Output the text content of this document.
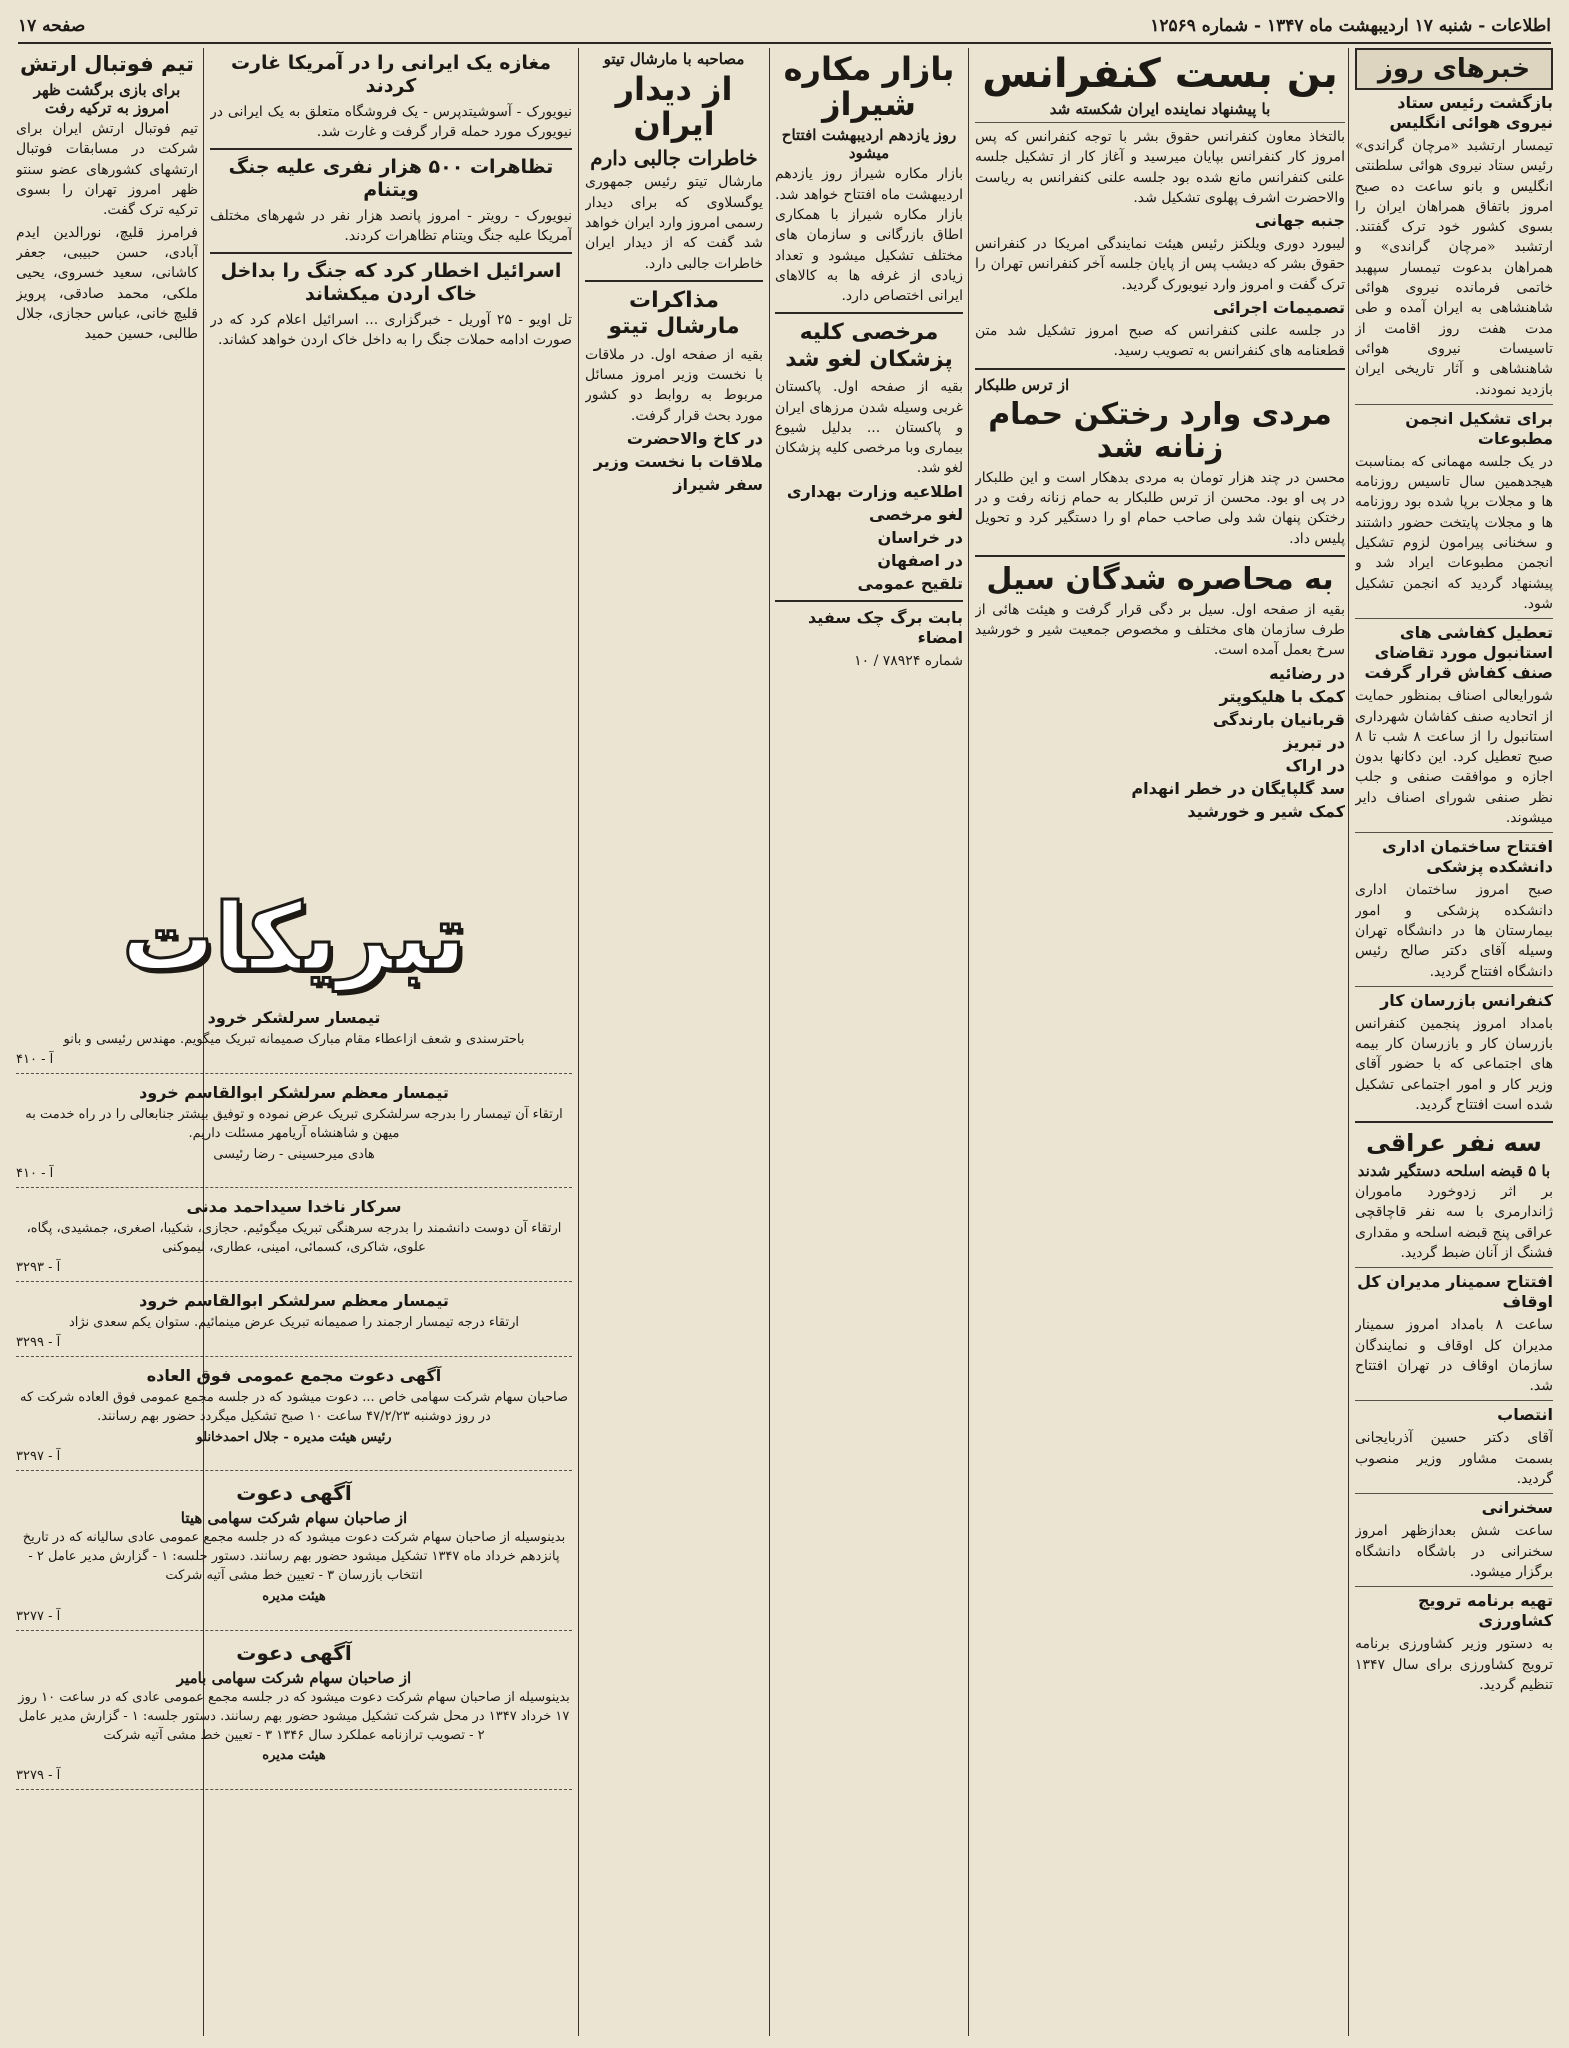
اطلاعات - شنبه ۱۷ اردیبهشت ماه ۱۳۴۷ - شماره ۱۲۵۶۹
صفحه ۱۷
خبرهای روز
بازگشت رئیس ستاد نیروی هوائی انگلیس

تیمسار ارتشبد «مرچان گراندی» رئیس ستاد نیروی هوائی سلطنتی انگلیس و بانو ساعت ده صبح امروز باتفاق همراهان ایران را بسوی کشور خود ترک گفتند. ارتشبد «مرچان گراندی» و همراهان بدعوت تیمسار سپهبد خاتمی فرمانده نیروی هوائی شاهنشاهی به ایران آمده و طی مدت هفت روز اقامت از تاسیسات نیروی هوائی شاهنشاهی و آثار تاریخی ایران بازدید نمودند.

برای تشکیل انجمن مطبوعات

در یک جلسه مهمانی که بمناسبت هیجدهمین سال تاسیس روزنامه ها و مجلات برپا شده بود روزنامه ها و مجلات پایتخت حضور داشتند و سخنانی پیرامون لزوم تشکیل انجمن مطبوعات ایراد شد و پیشنهاد گردید که انجمن تشکیل شود.

تعطیل کفاشی های استانبول مورد تقاضای صنف کفاش قرار گرفت

شورایعالی اصناف بمنظور حمایت از اتحادیه صنف کفاشان شهرداری استانبول را از ساعت ۸ شب تا ۸ صبح تعطیل کرد. این دکانها بدون اجازه و موافقت صنفی و جلب نظر صنفی شورای اصناف دایر میشوند.

افتتاح ساختمان اداری دانشکده پزشکی

صبح امروز ساختمان اداری دانشکده پزشکی و امور بیمارستان ها در دانشگاه تهران وسیله آقای دکتر صالح رئیس دانشگاه افتتاح گردید.

کنفرانس بازرسان کار

بامداد امروز پنجمین کنفرانس بازرسان کار و بازرسان کار بیمه های اجتماعی که با حضور آقای وزیر کار و امور اجتماعی تشکیل شده است افتتاح گردید.

سه نفر عراقی
با ۵ قبضه اسلحه دستگیر شدند

بر اثر زدوخورد ماموران ژاندارمری با سه نفر قاچاقچی عراقی پنج قبضه اسلحه و مقداری فشنگ از آنان ضبط گردید.

افتتاح سمینار مدیران کل اوقاف

ساعت ۸ بامداد امروز سمینار مدیران کل اوقاف و نمایندگان سازمان اوقاف در تهران افتتاح شد.

انتصاب

آقای دکتر حسین آذربایجانی بسمت مشاور وزیر منصوب گردید.

سخنرانی

ساعت شش بعدازظهر امروز سخنرانی در باشگاه دانشگاه برگزار میشود.

تهیه برنامه ترویج کشاورزی

به دستور وزیر کشاورزی برنامه ترویج کشاورزی برای سال ۱۳۴۷ تنظیم گردید.

بن بست کنفرانس
با پیشنهاد نماینده ایران شکسته شد

بالتخاذ معاون کنفرانس حقوق بشر با توجه کنفرانس که پس امروز کار کنفرانس بپایان میرسید و آغاز کار از تشکیل جلسه علنی کنفرانس مانع شده بود جلسه علنی کنفرانس به ریاست والاحضرت اشرف پهلوی تشکیل شد.

جنبه جهانی

لیبورد دوری ویلکنز رئیس هیئت نمایندگی امریکا در کنفرانس حقوق بشر که دیشب پس از پایان جلسه آخر کنفرانس تهران را ترک گفت و امروز وارد نیویورک گردید.

تصمیمات اجرائی

در جلسه علنی کنفرانس که صبح امروز تشکیل شد متن قطعنامه های کنفرانس به تصویب رسید.

از ترس طلبکار
مردی وارد رختکن حمام زنانه شد

محسن در چند هزار تومان به مردی بدهکار است و این طلبکار در پی او بود. محسن از ترس طلبکار به حمام زنانه رفت و در رختکن پنهان شد ولی صاحب حمام او را دستگیر کرد و تحویل پلیس داد.

به محاصره شدگان سیل

بقیه از صفحه اول. سیل بر دگی قرار گرفت و هیئت هائی از طرف سازمان های مختلف و مخصوص جمعیت شیر و خورشید سرخ بعمل آمده است.

در رضائیه
کمک با هلیکوپتر
قربانیان بارندگی
در تبریز
در اراک
سد گلپایگان در خطر انهدام
کمک شیر و خورشید
بازار مکاره شیراز
روز یازدهم اردیبهشت افتتاح میشود

بازار مکاره شیراز روز یازدهم اردیبهشت ماه افتتاح خواهد شد. بازار مکاره شیراز با همکاری اطاق بازرگانی و سازمان های مختلف تشکیل میشود و تعداد زیادی از غرفه ها به کالاهای ایرانی اختصاص دارد.

مرخصی کلیه پزشکان لغو شد

بقیه از صفحه اول. پاکستان غربی وسیله شدن مرزهای ایران و پاکستان ... بدلیل شیوع بیماری وبا مرخصی کلیه پزشکان لغو شد.

اطلاعیه وزارت بهداری
لغو مرخصی
در خراسان
در اصفهان
تلقیح عمومی
بابت برگ چک سفید امضاء

شماره ۷۸۹۲۴ / ۱۰

مصاحبه با مارشال تیتو
از دیدار ایران
خاطرات جالبی دارم

مارشال تیتو رئیس جمهوری یوگسلاوی که برای دیدار رسمی امروز وارد ایران خواهد شد گفت که از دیدار ایران خاطرات جالبی دارد.

مذاکرات مارشال تیتو

بقیه از صفحه اول. در ملاقات با نخست وزیر امروز مسائل مربوط به روابط دو کشور مورد بحث قرار گرفت.

در کاخ والاحضرت
ملاقات با نخست وزیر
سفر شیراز
مغازه یک ایرانی را در آمریکا غارت کردند

نیویورک - آسوشیتدپرس - یک فروشگاه متعلق به یک ایرانی در نیویورک مورد حمله قرار گرفت و غارت شد.

تظاهرات ۵۰۰ هزار نفری علیه جنگ ویتنام

نیویورک - رویتر - امروز پانصد هزار نفر در شهرهای مختلف آمریکا علیه جنگ ویتنام تظاهرات کردند.

اسرائیل اخطار کرد که جنگ را بداخل خاک اردن میکشاند

تل اویو - ۲۵ آوریل - خبرگزاری ... اسرائیل اعلام کرد که در صورت ادامه حملات جنگ را به داخل خاک اردن خواهد کشاند.

تیم فوتبال ارتش
برای بازی برگشت ظهر امروز به ترکیه رفت

تیم فوتبال ارتش ایران برای شرکت در مسابقات فوتبال ارتشهای کشورهای عضو سنتو ظهر امروز تهران را بسوی ترکیه ترک گفت.

فرامرز قلیچ، نورالدین ایدم آبادی، حسن حبیبی، جعفر کاشانی، سعید خسروی، یحیی ملکی، محمد صادقی، پرویز قلیچ خانی، عباس حجازی، جلال طالبی، حسین حمید

تبریکات
تیمسار سرلشکر خرود

باحترسندی و شعف ازاعطاء مقام مبارک صمیمانه تبریک میگویم. مهندس رئیسی و بانو

آ - ۴۱۰
تیمسار معظم سرلشکر ابوالقاسم خرود

ارتقاء آن تیمسار را بدرجه سرلشکری تبریک عرض نموده و توفیق بیشتر جنابعالی را در راه خدمت به میهن و شاهنشاه آریامهر مسئلت داریم.

هادی میرحسینی - رضا رئیسی

آ - ۴۱۰
سرکار ناخدا سیداحمد مدنی

ارتقاء آن دوست دانشمند را بدرجه سرهنگی تبریک میگوئیم. حجازی، شکیبا، اصغری، جمشیدی، پگاه، علوی، شاکری، کسمائی، امینی، عطاری، لیموکنی

آ - ۳۲۹۳
تیمسار معظم سرلشکر ابوالقاسم خرود

ارتقاء درجه تیمسار ارجمند را صمیمانه تبریک عرض مینمائیم. ستوان یکم سعدی نژاد

آ - ۳۲۹۹
آگهی دعوت مجمع عمومی فوق العاده

صاحبان سهام شرکت سهامی خاص ... دعوت میشود که در جلسه مجمع عمومی فوق العاده شرکت که در روز دوشنبه ۴۷/۲/۲۳ ساعت ۱۰ صبح تشکیل میگردد حضور بهم رسانند.

رئیس هیئت مدیره - جلال احمدخانلو

آ - ۳۲۹۷
آگهی دعوت
از صاحبان سهام شرکت سهامی هیتا

بدینوسیله از صاحبان سهام شرکت دعوت میشود که در جلسه مجمع عمومی عادی سالیانه که در تاریخ پانزدهم خرداد ماه ۱۳۴۷ تشکیل میشود حضور بهم رسانند. دستور جلسه: ۱ - گزارش مدیر عامل ۲ - انتخاب بازرسان ۳ - تعیین خط مشی آتیه شرکت

هیئت مدیره

آ - ۳۲۷۷
آگهی دعوت
از صاحبان سهام شرکت سهامی بامیر

بدینوسیله از صاحبان سهام شرکت دعوت میشود که در جلسه مجمع عمومی عادی که در ساعت ۱۰ روز ۱۷ خرداد ۱۳۴۷ در محل شرکت تشکیل میشود حضور بهم رسانند. دستور جلسه: ۱ - گزارش مدیر عامل ۲ - تصویب ترازنامه عملکرد سال ۱۳۴۶ ۳ - تعیین خط مشی آتیه شرکت

هیئت مدیره

آ - ۳۲۷۹
